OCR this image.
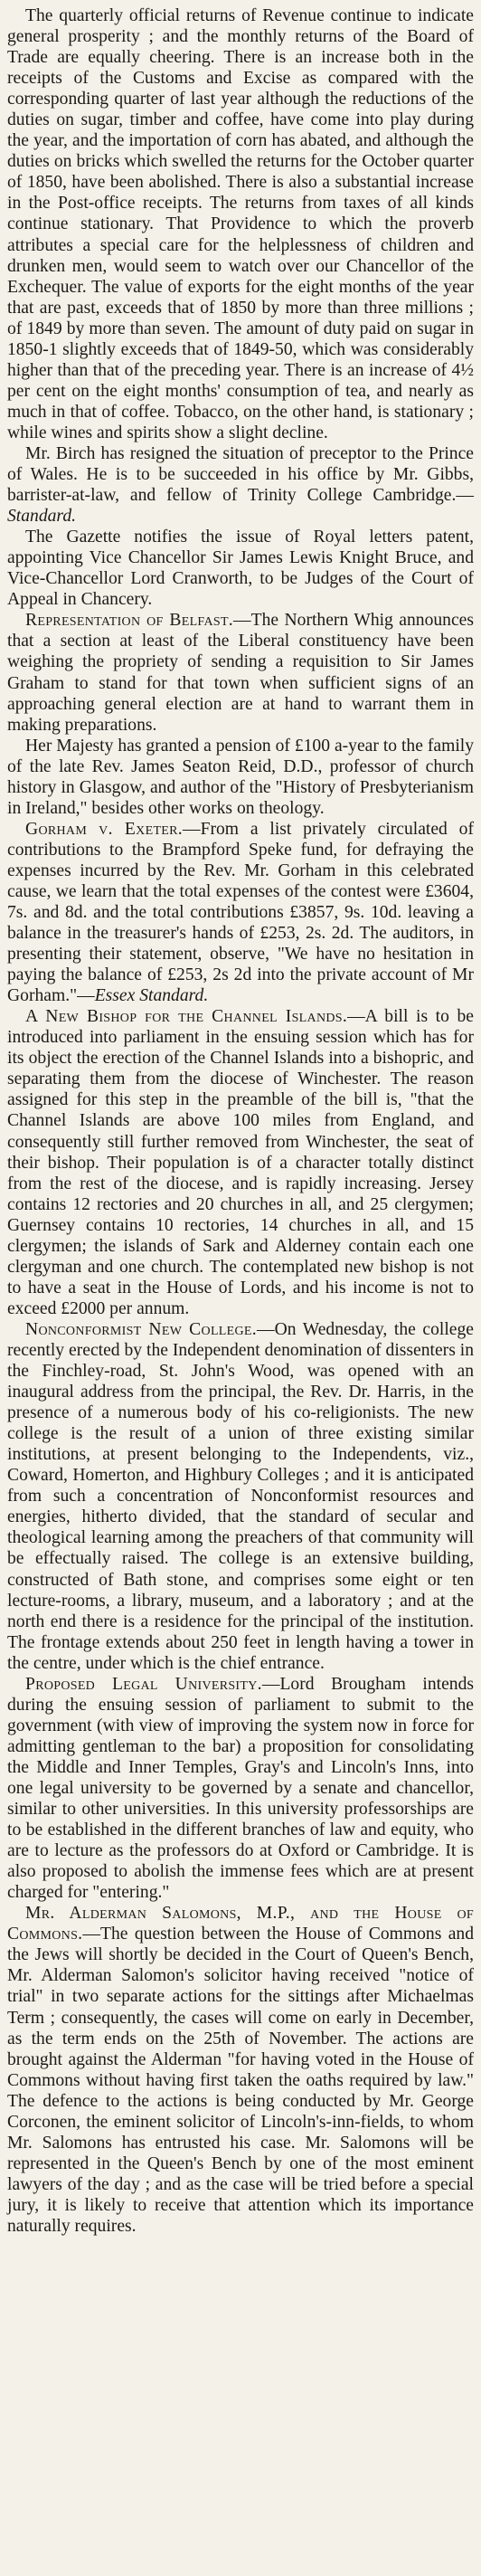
The quarterly official returns of Revenue continue to indicate general prosperity ; and the monthly returns of the Board of Trade are equally cheering. There is an increase both in the receipts of the Customs and Excise as compared with the corresponding quarter of last year although the reductions of the duties on sugar, timber and coffee, have come into play during the year, and the importation of corn has abated, and although the duties on bricks which swelled the returns for the October quarter of 1850, have been abolished. There is also a substantial increase in the Post-office receipts. The returns from taxes of all kinds continue stationary. That Providence to which the proverb attributes a special care for the helplessness of children and drunken men, would seem to watch over our Chancellor of the Exchequer. The value of exports for the eight months of the year that are past, exceeds that of 1850 by more than three millions ; of 1849 by more than seven. The amount of duty paid on sugar in 1850-1 slightly exceeds that of 1849-50, which was considerably higher than that of the preceding year. There is an increase of 4½ per cent on the eight months' consumption of tea, and nearly as much in that of coffee. Tobacco, on the other hand, is stationary ; while wines and spirits show a slight decline.

Mr. Birch has resigned the situation of preceptor to the Prince of Wales. He is to be succeeded in his office by Mr. Gibbs, barrister-at-law, and fellow of Trinity College Cambridge.—Standard.

The Gazette notifies the issue of Royal letters patent, appointing Vice Chancellor Sir James Lewis Knight Bruce, and Vice-Chancellor Lord Cranworth, to be Judges of the Court of Appeal in Chancery.

Representation of Belfast.—The Northern Whig announces that a section at least of the Liberal constituency have been weighing the propriety of sending a requisition to Sir James Graham to stand for that town when sufficient signs of an approaching general election are at hand to warrant them in making preparations.

Her Majesty has granted a pension of £100 a-year to the family of the late Rev. James Seaton Reid, D.D., professor of church history in Glasgow, and author of the "History of Presbyterianism in Ireland," besides other works on theology.

Gorham v. Exeter.—From a list privately circulated of contributions to the Brampford Speke fund, for defraying the expenses incurred by the Rev. Mr. Gorham in this celebrated cause, we learn that the total expenses of the contest were £3604, 7s. and 8d. and the total contributions £3857, 9s. 10d. leaving a balance in the treasurer's hands of £253, 2s. 2d. The auditors, in presenting their statement, observe, "We have no hesitation in paying the balance of £253, 2s 2d into the private account of Mr Gorham."—Essex Standard.

A New Bishop for the Channel Islands.—A bill is to be introduced into parliament in the ensuing session which has for its object the erection of the Channel Islands into a bishopric, and separating them from the diocese of Winchester. The reason assigned for this step in the preamble of the bill is, "that the Channel Islands are above 100 miles from England, and consequently still further removed from Winchester, the seat of their bishop. Their population is of a character totally distinct from the rest of the diocese, and is rapidly increasing. Jersey contains 12 rectories and 20 churches in all, and 25 clergymen; Guernsey contains 10 rectories, 14 churches in all, and 15 clergymen; the islands of Sark and Alderney contain each one clergyman and one church. The contemplated new bishop is not to have a seat in the House of Lords, and his income is not to exceed £2000 per annum.

Nonconformist New College.—On Wednesday, the college recently erected by the Independent denomination of dissenters in the Finchley-road, St. John's Wood, was opened with an inaugural address from the principal, the Rev. Dr. Harris, in the presence of a numerous body of his co-religionists. The new college is the result of a union of three existing similar institutions, at present belonging to the Independents, viz., Coward, Homerton, and Highbury Colleges ; and it is anticipated from such a concentration of Nonconformist resources and energies, hitherto divided, that the standard of secular and theological learning among the preachers of that community will be effectually raised. The college is an extensive building, constructed of Bath stone, and comprises some eight or ten lecture-rooms, a library, museum, and a laboratory ; and at the north end there is a residence for the principal of the institution. The frontage extends about 250 feet in length having a tower in the centre, under which is the chief entrance.

Proposed Legal University.—Lord Brougham intends during the ensuing session of parliament to submit to the government (with view of improving the system now in force for admitting gentleman to the bar) a proposition for consolidating the Middle and Inner Temples, Gray's and Lincoln's Inns, into one legal university to be governed by a senate and chancellor, similar to other universities. In this university professorships are to be established in the different branches of law and equity, who are to lecture as the professors do at Oxford or Cambridge. It is also proposed to abolish the immense fees which are at present charged for "entering."

Mr. Alderman Salomons, M.P., and the House of Commons.—The question between the House of Commons and the Jews will shortly be decided in the Court of Queen's Bench, Mr. Alderman Salomon's solicitor having received "notice of trial" in two separate actions for the sittings after Michaelmas Term ; consequently, the cases will come on early in December, as the term ends on the 25th of November. The actions are brought against the Alderman "for having voted in the House of Commons without having first taken the oaths required by law." The defence to the actions is being conducted by Mr. George Corconen, the eminent solicitor of Lincoln's-inn-fields, to whom Mr. Salomons has entrusted his case. Mr. Salomons will be represented in the Queen's Bench by one of the most eminent lawyers of the day ; and as the case will be tried before a special jury, it is likely to receive that attention which its importance naturally requires.
